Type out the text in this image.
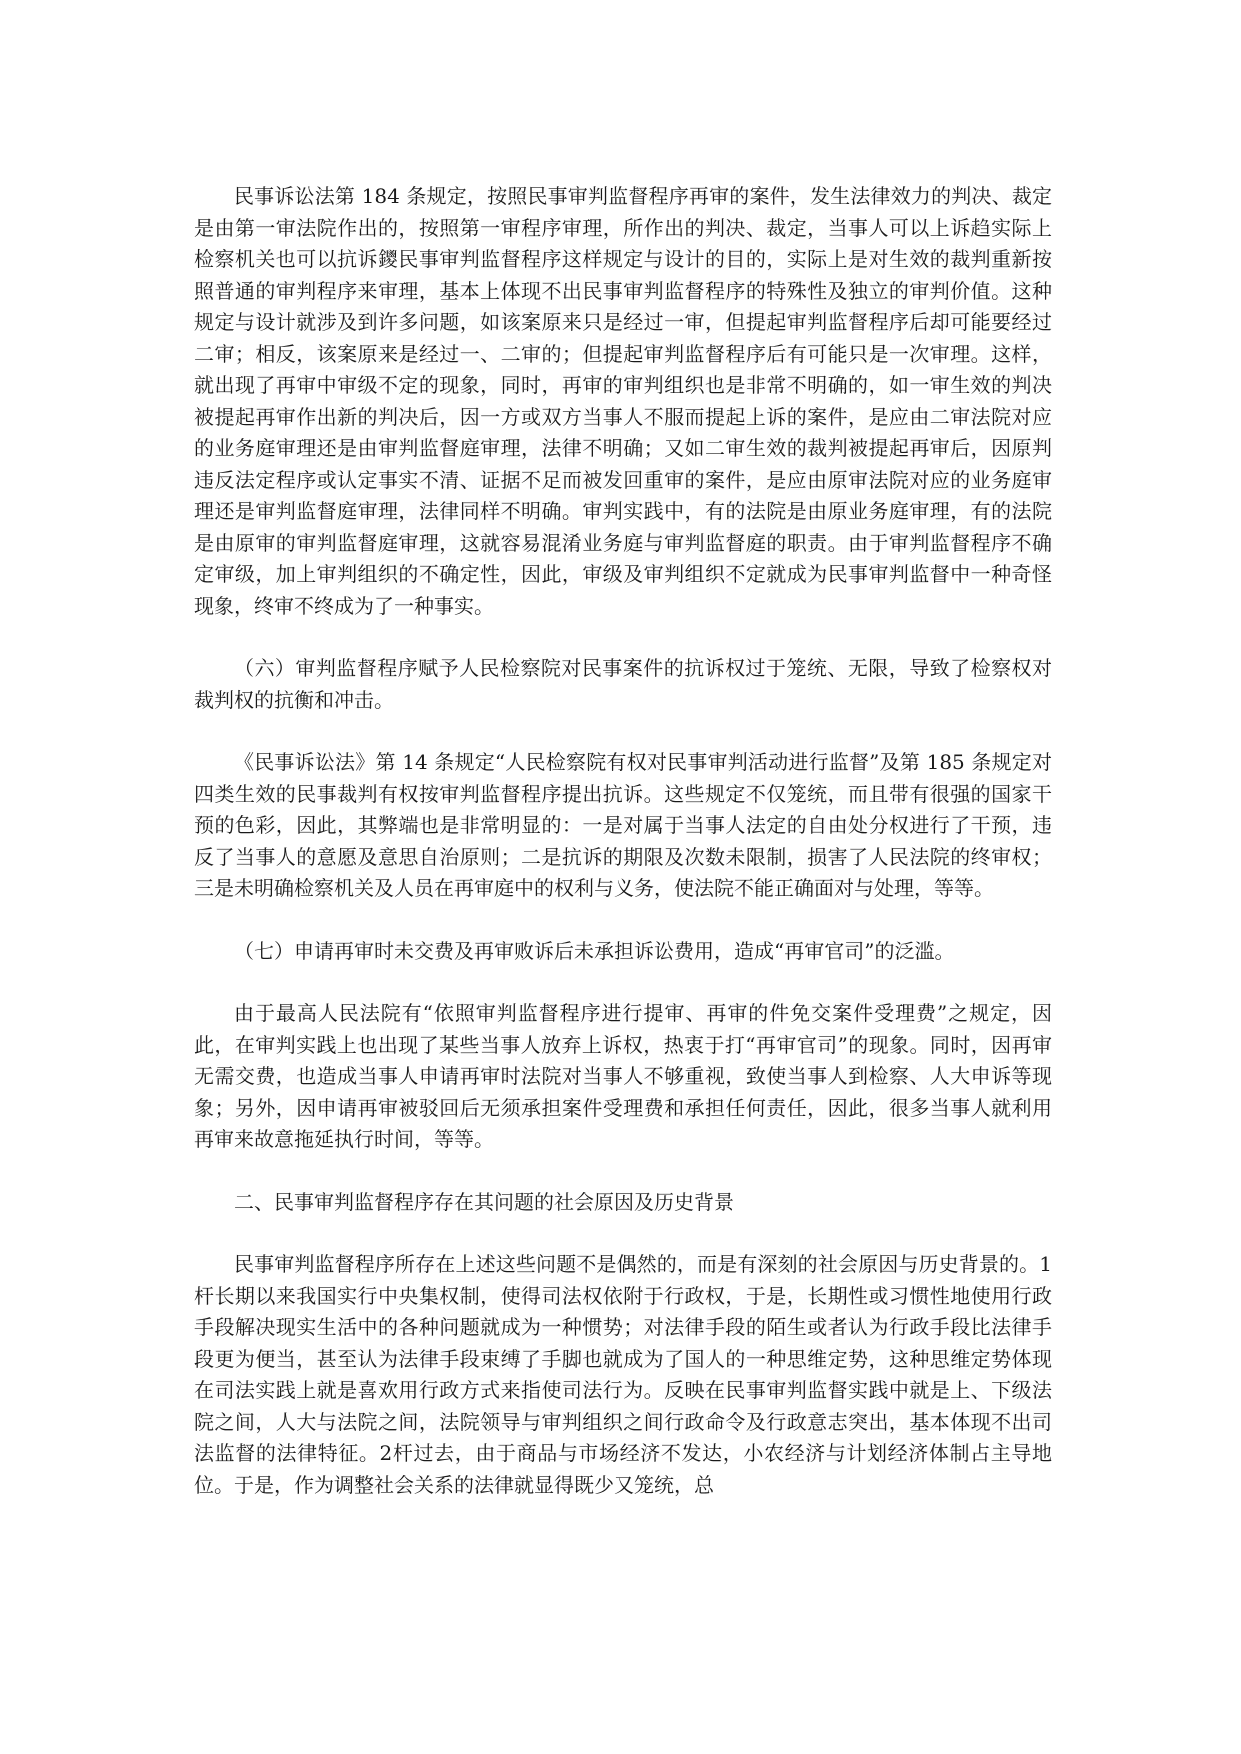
民事诉讼法第 184 条规定，按照民事审判监督程序再审的案件，发生法律效力的判决、裁定是由第一审法院作出的，按照第一审程序审理，所作出的判决、裁定，当事人可以上诉趋实际上检察机关也可以抗诉鑁民事审判监督程序这样规定与设计的目的，实际上是对生效的裁判重新按照普通的审判程序来审理，基本上体现不出民事审判监督程序的特殊性及独立的审判价值。这种规定与设计就涉及到许多问题，如该案原来只是经过一审，但提起审判监督程序后却可能要经过二审；相反，该案原来是经过一、二审的；但提起审判监督程序后有可能只是一次审理。这样，就出现了再审中审级不定的现象，同时，再审的审判组织也是非常不明确的，如一审生效的判决被提起再审作出新的判决后，因一方或双方当事人不服而提起上诉的案件，是应由二审法院对应的业务庭审理还是由审判监督庭审理，法律不明确；又如二审生效的裁判被提起再审后，因原判违反法定程序或认定事实不清、证据不足而被发回重审的案件，是应由原审法院对应的业务庭审理还是审判监督庭审理，法律同样不明确。审判实践中，有的法院是由原业务庭审理，有的法院是由原审的审判监督庭审理，这就容易混淆业务庭与审判监督庭的职责。由于审判监督程序不确定审级，加上审判组织的不确定性，因此，审级及审判组织不定就成为民事审判监督中一种奇怪现象，终审不终成为了一种事实。

（六）审判监督程序赋予人民检察院对民事案件的抗诉权过于笼统、无限，导致了检察权对裁判权的抗衡和冲击。

《民事诉讼法》第 14 条规定“人民检察院有权对民事审判活动进行监督”及第 185 条规定对四类生效的民事裁判有权按审判监督程序提出抗诉。这些规定不仅笼统，而且带有很强的国家干预的色彩，因此，其弊端也是非常明显的：一是对属于当事人法定的自由处分权进行了干预，违反了当事人的意愿及意思自治原则；二是抗诉的期限及次数未限制，损害了人民法院的终审权；三是未明确检察机关及人员在再审庭中的权利与义务，使法院不能正确面对与处理，等等。

（七）申请再审时未交费及再审败诉后未承担诉讼费用，造成“再审官司”的泛滥。

由于最高人民法院有“依照审判监督程序进行提审、再审的件免交案件受理费”之规定，因此，在审判实践上也出现了某些当事人放弃上诉权，热衷于打“再审官司”的现象。同时，因再审无需交费，也造成当事人申请再审时法院对当事人不够重视，致使当事人到检察、人大申诉等现象；另外，因申请再审被驳回后无须承担案件受理费和承担任何责任，因此，很多当事人就利用再审来故意拖延执行时间，等等。

二、民事审判监督程序存在其问题的社会原因及历史背景

民事审判监督程序所存在上述这些问题不是偶然的，而是有深刻的社会原因与历史背景的。1杆长期以来我国实行中央集权制，使得司法权依附于行政权，于是，长期性或习惯性地使用行政手段解决现实生活中的各种问题就成为一种惯势；对法律手段的陌生或者认为行政手段比法律手段更为便当，甚至认为法律手段束缚了手脚也就成为了国人的一种思维定势，这种思维定势体现在司法实践上就是喜欢用行政方式来指使司法行为。反映在民事审判监督实践中就是上、下级法院之间，人大与法院之间，法院领导与审判组织之间行政命令及行政意志突出，基本体现不出司法监督的法律特征。2杆过去，由于商品与市场经济不发达，小农经济与计划经济体制占主导地位。于是，作为调整社会关系的法律就显得既少又笼统，总
